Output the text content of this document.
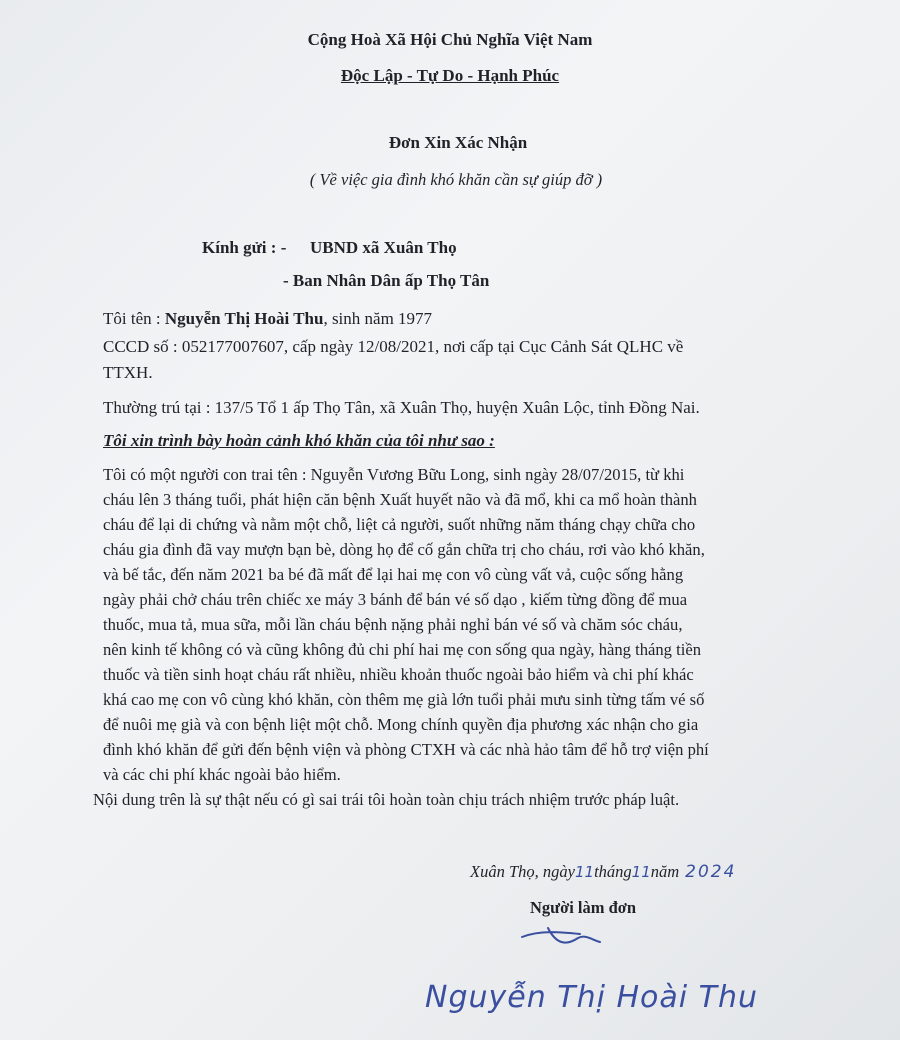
Cộng Hoà Xã Hội Chủ Nghĩa Việt Nam
Độc Lập - Tự Do - Hạnh Phúc
Đơn Xin Xác Nhận
( Về việc gia đình khó khăn cần sự giúp đỡ )
Kính gửi : - UBND xã Xuân Thọ
- Ban Nhân Dân ấp Thọ Tân
Tôi tên : Nguyễn Thị Hoài Thu, sinh năm 1977
CCCD số : 052177007607, cấp ngày 12/08/2021, nơi cấp tại Cục Cảnh Sát QLHC về
TTXH.
Thường trú tại : 137/5 Tổ 1 ấp Thọ Tân, xã Xuân Thọ, huyện Xuân Lộc, tỉnh Đồng Nai.
Tôi xin trình bày hoàn cảnh khó khăn của tôi như sao :
Tôi có một người con trai tên : Nguyễn Vương Bữu Long, sinh ngày 28/07/2015, từ khi
cháu lên 3 tháng tuổi, phát hiện căn bệnh Xuất huyết não và đã mổ, khi ca mổ hoàn thành
cháu để lại di chứng và nằm một chỗ, liệt cả người, suốt những năm tháng chạy chữa cho
cháu gia đình đã vay mượn bạn bè, dòng họ để cố gắn chữa trị cho cháu, rơi vào khó khăn,
và bế tắc, đến năm 2021 ba bé đã mất để lại hai mẹ con vô cùng vất vả, cuộc sống hằng
ngày phải chở cháu trên chiếc xe máy 3 bánh để bán vé số dạo , kiếm từng đồng để mua
thuốc, mua tả, mua sữa, mỗi lần cháu bệnh nặng phải nghỉ bán vé số và chăm sóc cháu,
nên kinh tế không có và cũng không đủ chi phí hai mẹ con sống qua ngày, hàng tháng tiền
thuốc và tiền sinh hoạt cháu rất nhiều, nhiều khoản thuốc ngoài bảo hiểm và chi phí khác
khá cao mẹ con vô cùng khó khăn, còn thêm mẹ già lớn tuổi phải mưu sinh từng tấm vé số
để nuôi mẹ già và con bệnh liệt một chỗ. Mong chính quyền địa phương xác nhận cho gia
đình khó khăn để gửi đến bệnh viện và phòng CTXH và các nhà hảo tâm để hỗ trợ viện phí
và các chi phí khác ngoài bảo hiểm.
Nội dung trên là sự thật nếu có gì sai trái tôi hoàn toàn chịu trách nhiệm trước pháp luật.
Xuân Thọ, ngày11tháng11năm 2024
Người làm đơn
Nguyễn Thị Hoài Thu
